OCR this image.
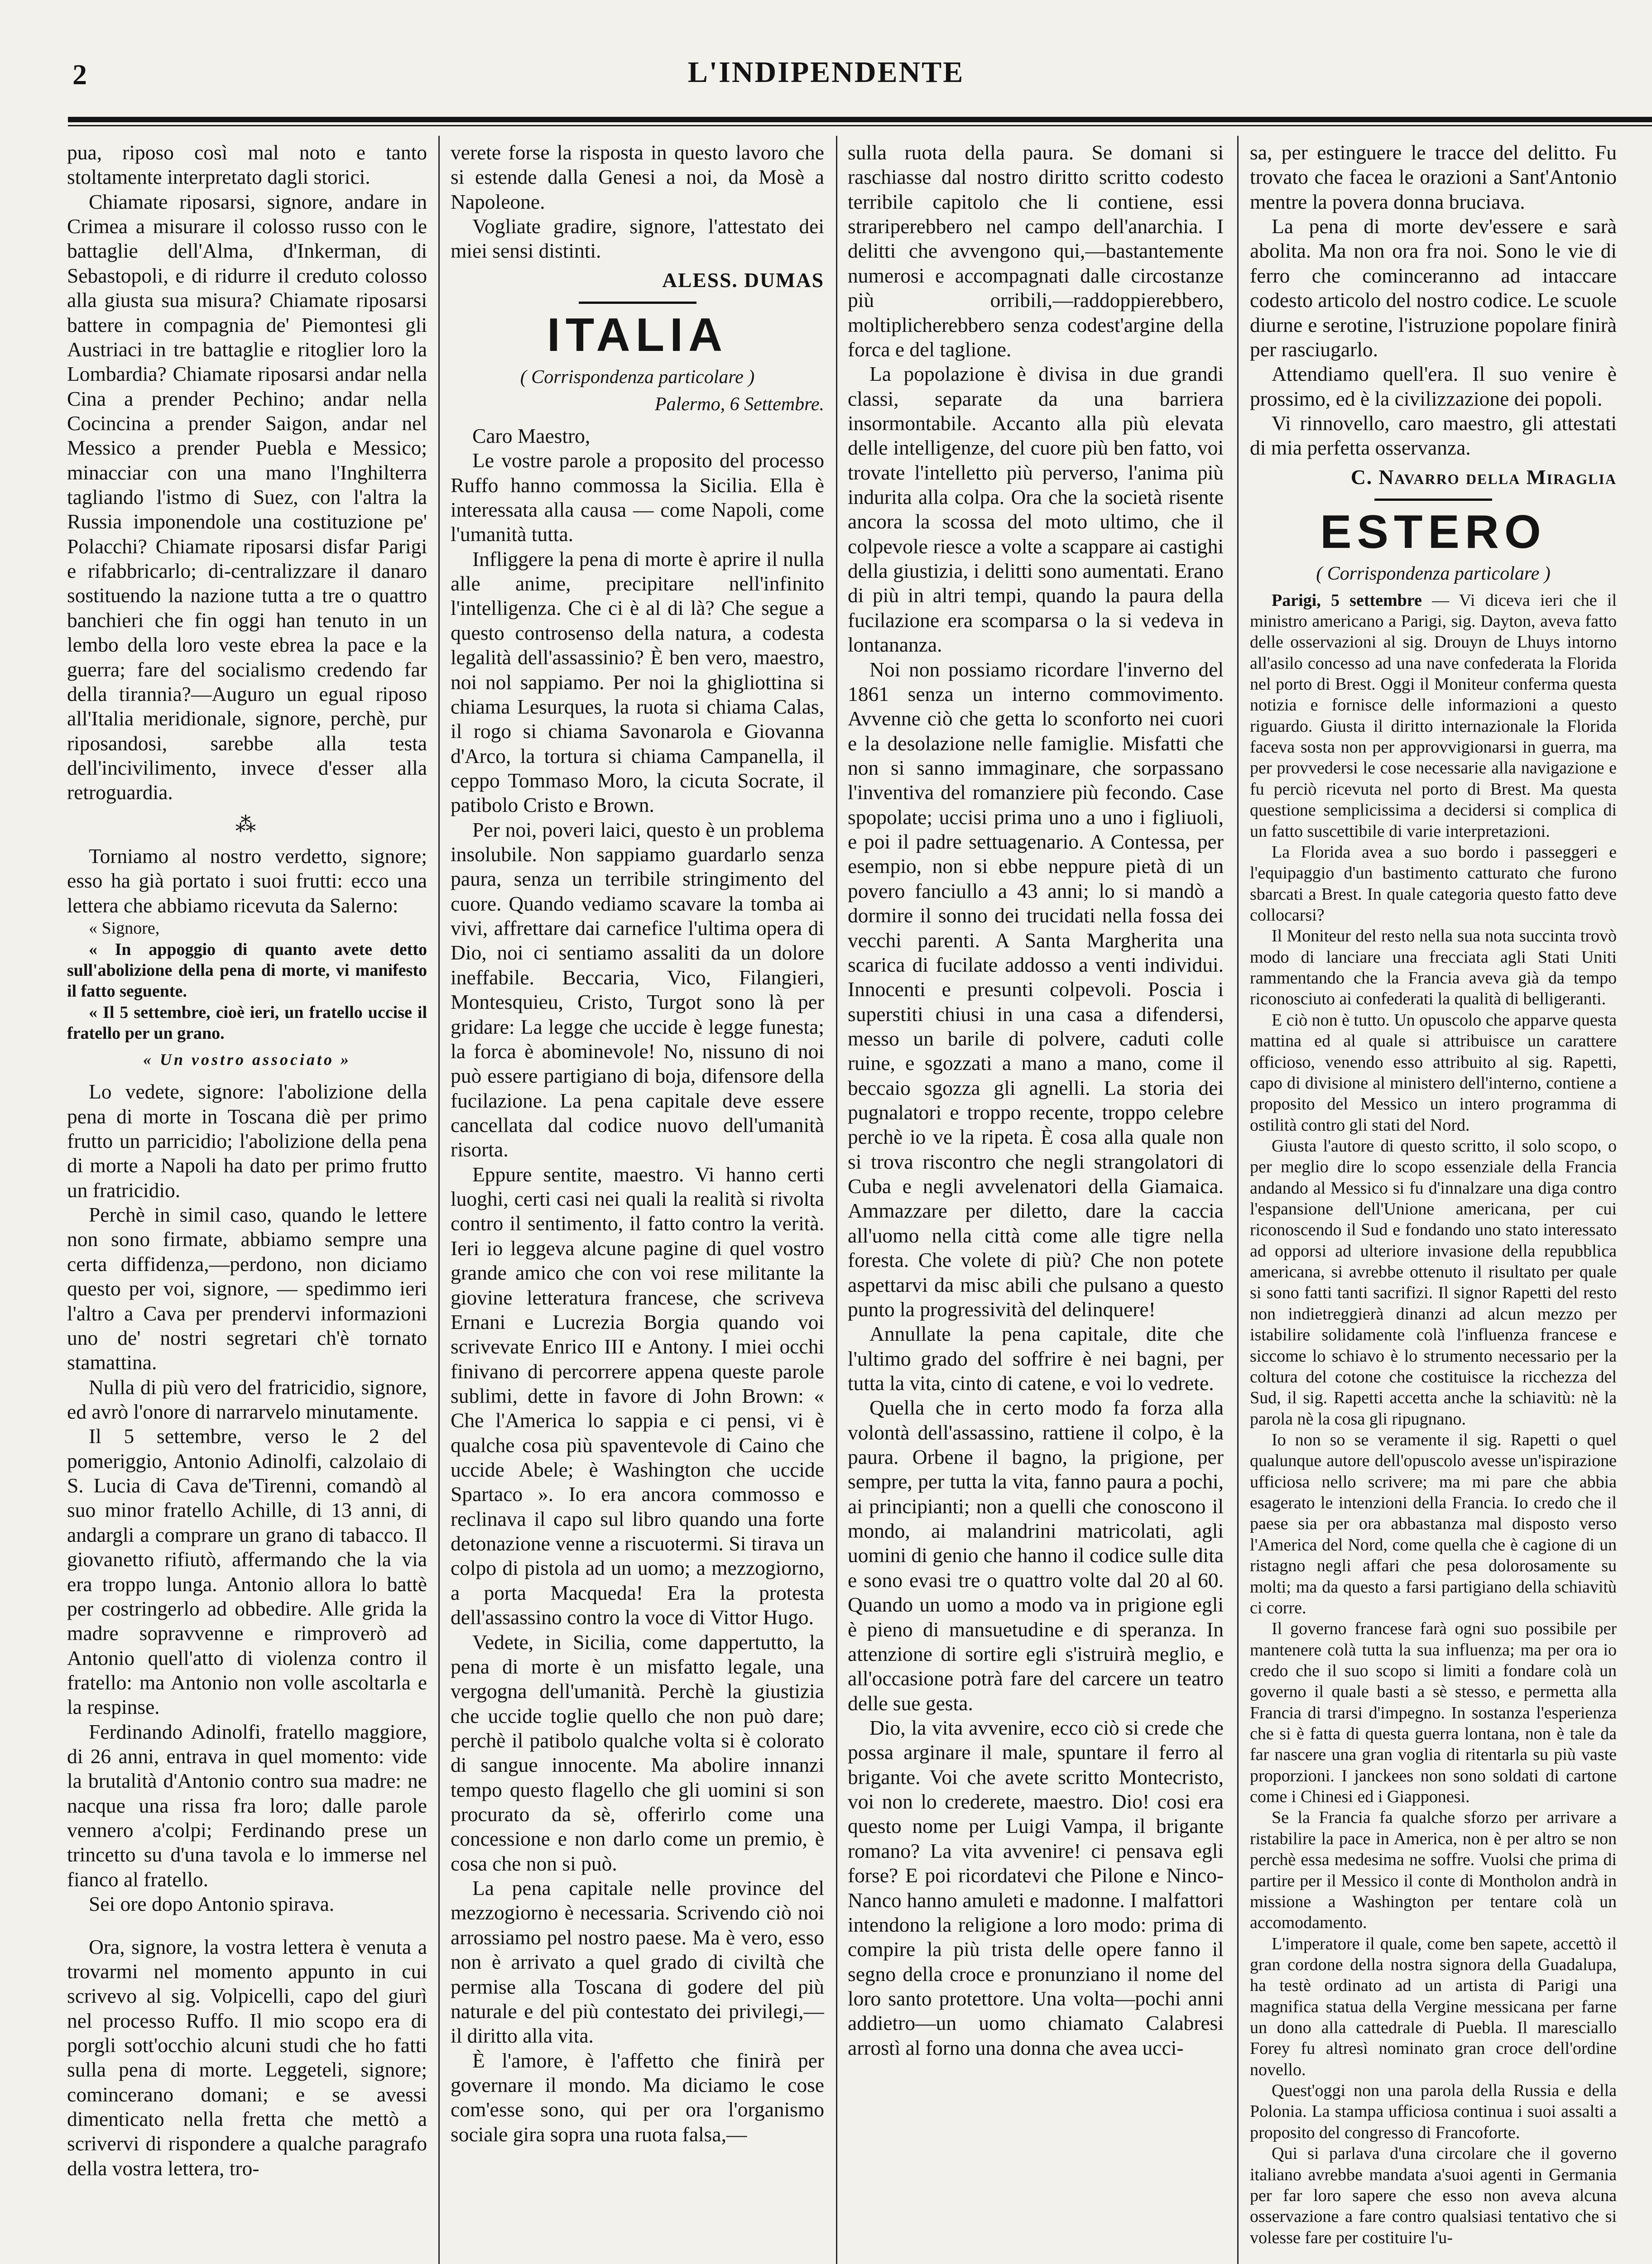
2	L'INDIPENDENTE

pua, riposo così mal noto e tanto stoltamente interpretato dagli storici.

Chiamate riposarsi, signore, andare in Crimea a misurare il colosso russo con le battaglie dell'Alma, d'Inkerman, di Sebastopoli, e di ridurre il creduto colosso alla giusta sua misura? Chiamate riposarsi battere in compagnia de' Piemontesi gli Austriaci in tre battaglie e ritoglier loro la Lombardia? Chiamate riposarsi andar nella Cina a prender Pechino; andar nella Cocincina a prender Saigon, andar nel Messico a prender Puebla e Messico; minacciar con una mano l'Inghilterra tagliando l'istmo di Suez, con l'altra la Russia imponendole una costituzione pe' Polacchi? Chiamate riposarsi disfar Parigi e rifabbricarlo; di-centralizzare il danaro sostituendo la nazione tutta a tre o quattro banchieri che fin oggi han tenuto in un lembo della loro veste ebrea la pace e la guerra; fare del socialismo credendo far della tirannia?—Auguro un egual riposo all'Italia meridionale, signore, perchè, pur riposandosi, sarebbe alla testa dell'incivilimento, invece d'esser alla retroguardia.

⁂

Torniamo al nostro verdetto, signore; esso ha già portato i suoi frutti: ecco una lettera che abbiamo ricevuta da Salerno:

« Signore,

« In appoggio di quanto avete detto sull'abolizione della pena di morte, vi manifesto il fatto seguente.

« Il 5 settembre, cioè ieri, un fratello uccise il fratello per un grano.

« Un vostro associato »

Lo vedete, signore: l'abolizione della pena di morte in Toscana diè per primo frutto un parricidio; l'abolizione della pena di morte a Napoli ha dato per primo frutto un fratricidio.

Perchè in simil caso, quando le lettere non sono firmate, abbiamo sempre una certa diffidenza,—perdono, non diciamo questo per voi, signore, — spedimmo ieri l'altro a Cava per prendervi informazioni uno de' nostri segretari ch'è tornato stamattina.

Nulla di più vero del fratricidio, signore, ed avrò l'onore di narrarvelo minutamente.

Il 5 settembre, verso le 2 del pomeriggio, Antonio Adinolfi, calzolaio di S. Lucia di Cava de'Tirenni, comandò al suo minor fratello Achille, di 13 anni, di andargli a comprare un grano di tabacco. Il giovanetto rifiutò, affermando che la via era troppo lunga. Antonio allora lo battè per costringerlo ad obbedire. Alle grida la madre sopravvenne e rimproverò ad Antonio quell'atto di violenza contro il fratello: ma Antonio non volle ascoltarla e la respinse.

Ferdinando Adinolfi, fratello maggiore, di 26 anni, entrava in quel momento: vide la brutalità d'Antonio contro sua madre: ne nacque una rissa fra loro; dalle parole vennero a'colpi; Ferdinando prese un trincetto su d'una tavola e lo immerse nel fianco al fratello.

Sei ore dopo Antonio spirava.

Ora, signore, la vostra lettera è venuta a trovarmi nel momento appunto in cui scrivevo al sig. Volpicelli, capo del giurì nel processo Ruffo. Il mio scopo era di porgli sott'occhio alcuni studi che ho fatti sulla pena di morte. Leggeteli, signore; comincerano domani; e se avessi dimenticato nella fretta che mettò a scrivervi di rispondere a qualche paragrafo della vostra lettera, tro-

verete forse la risposta in questo lavoro che si estende dalla Genesi a noi, da Mosè a Napoleone.

Vogliate gradire, signore, l'attestato dei miei sensi distinti.

ALESS. DUMAS
ITALIA
( Corrispondenza particolare )
Palermo, 6 Settembre.

Caro Maestro,

Le vostre parole a proposito del processo Ruffo hanno commossa la Sicilia. Ella è interessata alla causa — come Napoli, come l'umanità tutta.

Infliggere la pena di morte è aprire il nulla alle anime, precipitare nell'infinito l'intelligenza. Che ci è al di là? Che segue a questo controsenso della natura, a codesta legalità dell'assassinio? È ben vero, maestro, noi nol sappiamo. Per noi la ghigliottina si chiama Lesurques, la ruota si chiama Calas, il rogo si chiama Savonarola e Giovanna d'Arco, la tortura si chiama Campanella, il ceppo Tommaso Moro, la cicuta Socrate, il patibolo Cristo e Brown.

Per noi, poveri laici, questo è un problema insolubile. Non sappiamo guardarlo senza paura, senza un terribile stringimento del cuore. Quando vediamo scavare la tomba ai vivi, affrettare dai carnefice l'ultima opera di Dio, noi ci sentiamo assaliti da un dolore ineffabile. Beccaria, Vico, Filangieri, Montesquieu, Cristo, Turgot sono là per gridare: La legge che uccide è legge funesta; la forca è abominevole! No, nissuno di noi può essere partigiano di boja, difensore della fucilazione. La pena capitale deve essere cancellata dal codice nuovo dell'umanità risorta.

Eppure sentite, maestro. Vi hanno certi luoghi, certi casi nei quali la realità si rivolta contro il sentimento, il fatto contro la verità. Ieri io leggeva alcune pagine di quel vostro grande amico che con voi rese militante la giovine letteratura francese, che scriveva Ernani e Lucrezia Borgia quando voi scrivevate Enrico III e Antony. I miei occhi finivano di percorrere appena queste parole sublimi, dette in favore di John Brown: « Che l'America lo sappia e ci pensi, vi è qualche cosa più spaventevole di Caino che uccide Abele; è Washington che uccide Spartaco ». Io era ancora commosso e reclinava il capo sul libro quando una forte detonazione venne a riscuotermi. Si tirava un colpo di pistola ad un uomo; a mezzogiorno, a porta Macqueda! Era la protesta dell'assassino contro la voce di Vittor Hugo.

Vedete, in Sicilia, come dappertutto, la pena di morte è un misfatto legale, una vergogna dell'umanità. Perchè la giustizia che uccide toglie quello che non può dare; perchè il patibolo qualche volta si è colorato di sangue innocente. Ma abolire innanzi tempo questo flagello che gli uomini si son procurato da sè, offerirlo come una concessione e non darlo come un premio, è cosa che non si può.

La pena capitale nelle province del mezzogiorno è necessaria. Scrivendo ciò noi arrossiamo pel nostro paese. Ma è vero, esso non è arrivato a quel grado di civiltà che permise alla Toscana di godere del più naturale e del più contestato dei privilegi,—il diritto alla vita.

È l'amore, è l'affetto che finirà per governare il mondo. Ma diciamo le cose com'esse sono, qui per ora l'organismo sociale gira sopra una ruota falsa,—

sulla ruota della paura. Se domani si raschiasse dal nostro diritto scritto codesto terribile capitolo che li contiene, essi strariperebbero nel campo dell'anarchia. I delitti che avvengono qui,—bastantemente numerosi e accompagnati dalle circostanze più orribili,—raddoppierebbero, moltiplicherebbero senza codest'argine della forca e del taglione.

La popolazione è divisa in due grandi classi, separate da una barriera insormontabile. Accanto alla più elevata delle intelligenze, del cuore più ben fatto, voi trovate l'intelletto più perverso, l'anima più indurita alla colpa. Ora che la società risente ancora la scossa del moto ultimo, che il colpevole riesce a volte a scappare ai castighi della giustizia, i delitti sono aumentati. Erano di più in altri tempi, quando la paura della fucilazione era scomparsa o la si vedeva in lontananza.

Noi non possiamo ricordare l'inverno del 1861 senza un interno commovimento. Avvenne ciò che getta lo sconforto nei cuori e la desolazione nelle famiglie. Misfatti che non si sanno immaginare, che sorpassano l'inventiva del romanziere più fecondo. Case spopolate; uccisi prima uno a uno i figliuoli, e poi il padre settuagenario. A Contessa, per esempio, non si ebbe neppure pietà di un povero fanciullo a 43 anni; lo si mandò a dormire il sonno dei trucidati nella fossa dei vecchi parenti. A Santa Margherita una scarica di fucilate addosso a venti individui. Innocenti e presunti colpevoli. Poscia i superstiti chiusi in una casa a difendersi, messo un barile di polvere, caduti colle ruine, e sgozzati a mano a mano, come il beccaio sgozza gli agnelli. La storia dei pugnalatori e troppo recente, troppo celebre perchè io ve la ripeta. È cosa alla quale non si trova riscontro che negli strangolatori di Cuba e negli avvelenatori della Giamaica. Ammazzare per diletto, dare la caccia all'uomo nella città come alle tigre nella foresta. Che volete di più? Che non potete aspettarvi da misc abili che pulsano a questo punto la progressività del delinquere!

Annullate la pena capitale, dite che l'ultimo grado del soffrire è nei bagni, per tutta la vita, cinto di catene, e voi lo vedrete.

Quella che in certo modo fa forza alla volontà dell'assassino, rattiene il colpo, è la paura. Orbene il bagno, la prigione, per sempre, per tutta la vita, fanno paura a pochi, ai principianti; non a quelli che conoscono il mondo, ai malandrini matricolati, agli uomini di genio che hanno il codice sulle dita e sono evasi tre o quattro volte dal 20 al 60. Quando un uomo a modo va in prigione egli è pieno di mansuetudine e di speranza. In attenzione di sortire egli s'istruirà meglio, e all'occasione potrà fare del carcere un teatro delle sue gesta.

Dio, la vita avvenire, ecco ciò si crede che possa arginare il male, spuntare il ferro al brigante. Voi che avete scritto Montecristo, voi non lo crederete, maestro. Dio! cosi era questo nome per Luigi Vampa, il brigante romano? La vita avvenire! ci pensava egli forse? E poi ricordatevi che Pilone e Ninco-Nanco hanno amuleti e madonne. I malfattori intendono la religione a loro modo: prima di compire la più trista delle opere fanno il segno della croce e pronunziano il nome del loro santo protettore. Una volta—pochi anni addietro—un uomo chiamato Calabresi arrostì al forno una donna che avea ucci-

sa, per estinguere le tracce del delitto. Fu trovato che facea le orazioni a Sant'Antonio mentre la povera donna bruciava.

La pena di morte dev'essere e sarà abolita. Ma non ora fra noi. Sono le vie di ferro che cominceranno ad intaccare codesto articolo del nostro codice. Le scuole diurne e serotine, l'istruzione popolare finirà per rasciugarlo.

Attendiamo quell'era. Il suo venire è prossimo, ed è la civilizzazione dei popoli.

Vi rinnovello, caro maestro, gli attestati di mia perfetta osservanza.

C. Navarro della Miraglia
ESTERO
( Corrispondenza particolare )

Parigi, 5 settembre — Vi diceva ieri che il ministro americano a Parigi, sig. Dayton, aveva fatto delle osservazioni al sig. Drouyn de Lhuys intorno all'asilo concesso ad una nave confederata la Florida nel porto di Brest. Oggi il Moniteur conferma questa notizia e fornisce delle informazioni a questo riguardo. Giusta il diritto internazionale la Florida faceva sosta non per approvvigionarsi in guerra, ma per provvedersi le cose necessarie alla navigazione e fu perciò ricevuta nel porto di Brest. Ma questa questione semplicissima a decidersi si complica di un fatto suscettibile di varie interpretazioni.

La Florida avea a suo bordo i passeggeri e l'equipaggio d'un bastimento catturato che furono sbarcati a Brest. In quale categoria questo fatto deve collocarsi?

Il Moniteur del resto nella sua nota succinta trovò modo di lanciare una frecciata agli Stati Uniti rammentando che la Francia aveva già da tempo riconosciuto ai confederati la qualità di belligeranti.

E ciò non è tutto. Un opuscolo che apparve questa mattina ed al quale si attribuisce un carattere officioso, venendo esso attribuito al sig. Rapetti, capo di divisione al ministero dell'interno, contiene a proposito del Messico un intero programma di ostilità contro gli stati del Nord.

Giusta l'autore di questo scritto, il solo scopo, o per meglio dire lo scopo essenziale della Francia andando al Messico si fu d'innalzare una diga contro l'espansione dell'Unione americana, per cui riconoscendo il Sud e fondando uno stato interessato ad opporsi ad ulteriore invasione della repubblica americana, si avrebbe ottenuto il risultato per quale si sono fatti tanti sacrifizi. Il signor Rapetti del resto non indietreggierà dinanzi ad alcun mezzo per istabilire solidamente colà l'influenza francese e siccome lo schiavo è lo strumento necessario per la coltura del cotone che costituisce la ricchezza del Sud, il sig. Rapetti accetta anche la schiavitù: nè la parola nè la cosa gli ripugnano.

Io non so se veramente il sig. Rapetti o quel qualunque autore dell'opuscolo avesse un'ispirazione ufficiosa nello scrivere; ma mi pare che abbia esagerato le intenzioni della Francia. Io credo che il paese sia per ora abbastanza mal disposto verso l'America del Nord, come quella che è cagione di un ristagno negli affari che pesa dolorosamente su molti; ma da questo a farsi partigiano della schiavitù ci corre.

Il governo francese farà ogni suo possibile per mantenere colà tutta la sua influenza; ma per ora io credo che il suo scopo si limiti a fondare colà un governo il quale basti a sè stesso, e permetta alla Francia di trarsi d'impegno. In sostanza l'esperienza che si è fatta di questa guerra lontana, non è tale da far nascere una gran voglia di ritentarla su più vaste proporzioni. I janckees non sono soldati di cartone come i Chinesi ed i Giapponesi.

Se la Francia fa qualche sforzo per arrivare a ristabilire la pace in America, non è per altro se non perchè essa medesima ne soffre. Vuolsi che prima di partire per il Messico il conte di Montholon andrà in missione a Washington per tentare colà un accomodamento.

L'imperatore il quale, come ben sapete, accettò il gran cordone della nostra signora della Guadalupa, ha testè ordinato ad un artista di Parigi una magnifica statua della Vergine messicana per farne un dono alla cattedrale di Puebla. Il maresciallo Forey fu altresì nominato gran croce dell'ordine novello.

Quest'oggi non una parola della Russia e della Polonia. La stampa ufficiosa continua i suoi assalti a proposito del congresso di Francoforte.

Qui si parlava d'una circolare che il governo italiano avrebbe mandata a'suoi agenti in Germania per far loro sapere che esso non aveva alcuna osservazione a fare contro qualsiasi tentativo che si volesse fare per costituire l'u-
